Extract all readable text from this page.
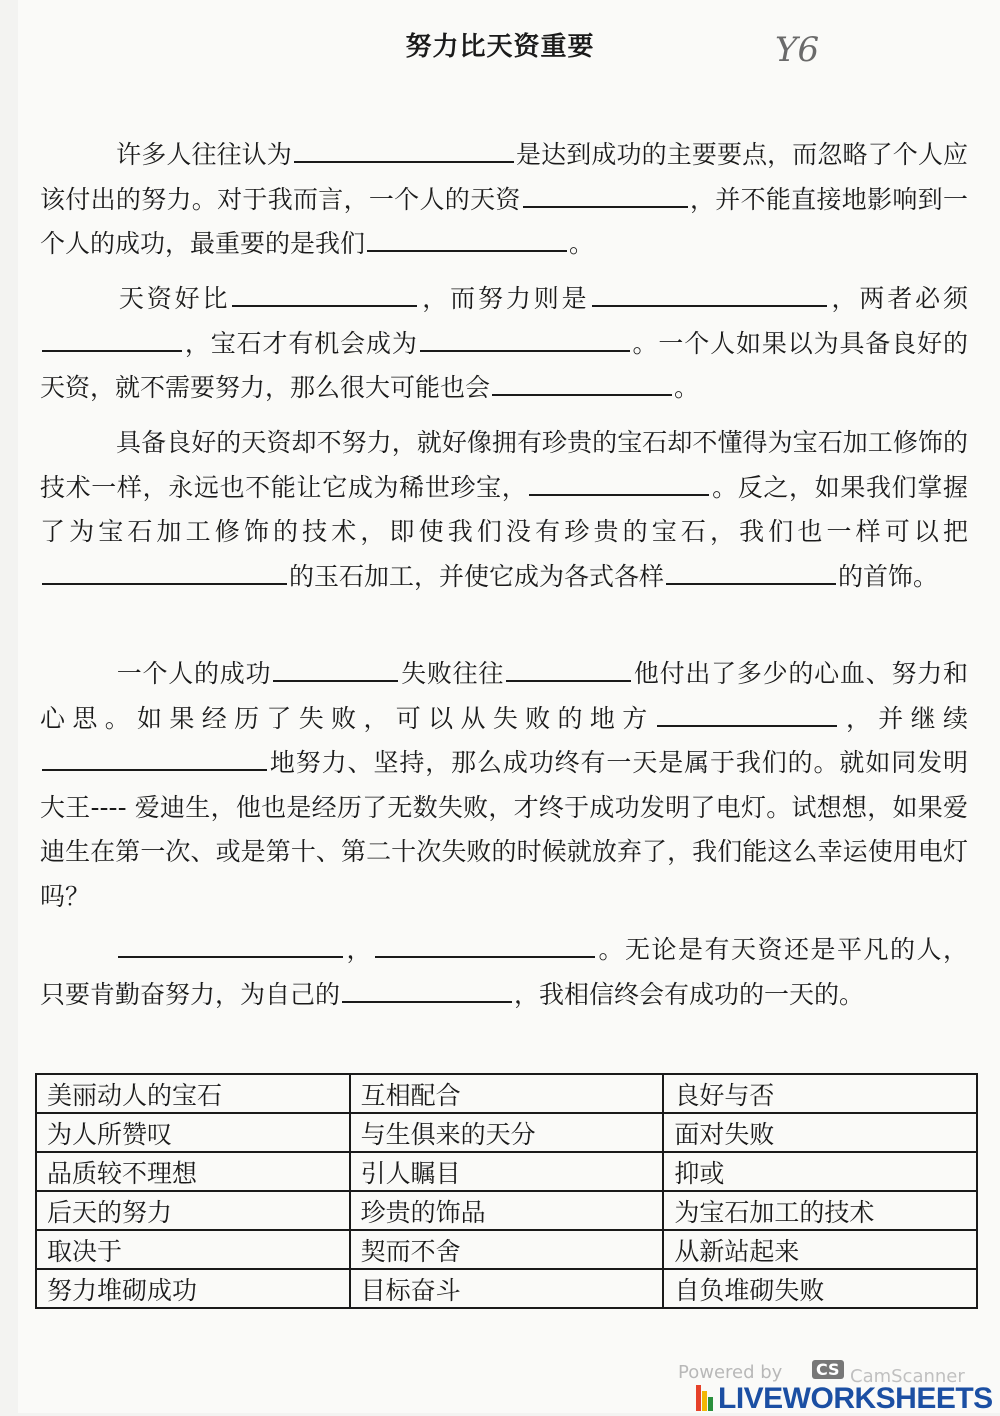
努力比天资重要	Y6
许多人往往认为	是达到成功的主要要点，而忽略了个人应该付出的努力。对于我而言，一个人的天资	，并不能直接地影响到一个人的成功，最重要的是我们	。
天资好比	，而努力则是	，两者必须，宝石才有机会成为	。一个人如果以为具备良好的天资，就不需要努力，那么很大可能也会	。
具备良好的天资却不努力，就好像拥有珍贵的宝石却不懂得为宝石加工修饰的技术一样，永远也不能让它成为稀世珍宝，	。反之，如果我们掌握了为宝石加工修饰的技术，即使我们没有珍贵的宝石，我们也一样可以把的玉石加工，并使它成为各式各样	的首饰。
一个人的成功	失败往往	他付出了多少的心血、努力和心思。如果经历了失败，可以从失败的地方	，并继续地努力、坚持，那么成功终有一天是属于我们的。就如同发明大王---- 爱迪生，他也是经历了无数失败，才终于成功发明了电灯。试想想，如果爱迪生在第一次、或是第十、第二十次失败的时候就放弃了，我们能这么幸运使用电灯吗？
，	。无论是有天资还是平凡的人，只要肯勤奋努力，为自己的	，我相信终会有成功的一天的。
美丽动人的宝石	互相配合	良好与否
为人所赞叹	与生俱来的天分	面对失败
品质较不理想	引人瞩目	抑或
后天的努力	珍贵的饰品	为宝石加工的技术
取决于	契而不舍	从新站起来
努力堆砌成功	目标奋斗	自负堆砌失败
Powered by CS CamScanner
LIVEWORKSHEETS
